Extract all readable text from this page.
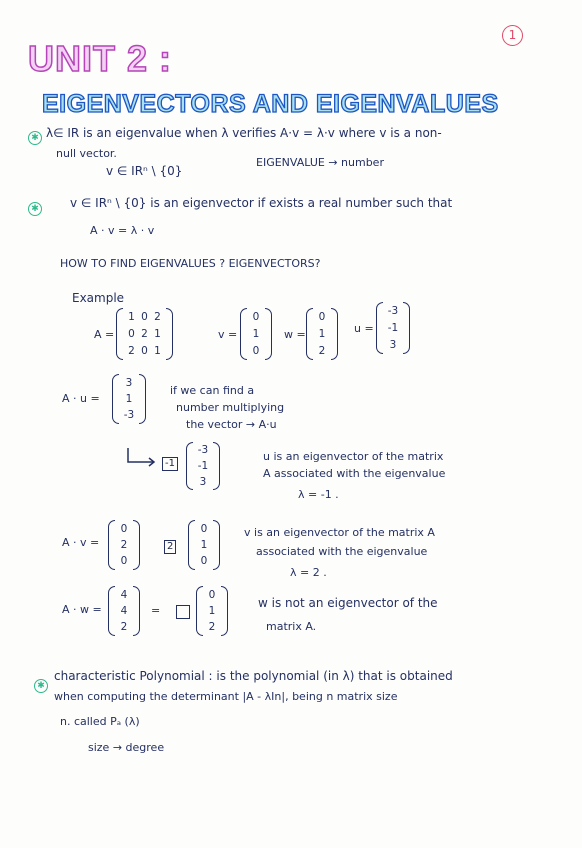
1
UNIT 2 :
EIGENVECTORS AND EIGENVALUES
✱ λ∈ IR is an eigenvalue when λ verifies A·v = λ·v where v is a non-
null vector.
v ∈ IRⁿ \ {0}
EIGENVALUE → number
✱	v ∈ IRⁿ \ {0} is an eigenvector if exists a real number such that
A · v = λ · v
HOW TO FIND EIGENVALUES ? EIGENVECTORS?
Example
A =
1 0 2
0 2 1
2 0 1
v =
0
1
0
w =
0
1
2
u =
-3
-1
3
A · u =
3
1
-3
if we can find a
number multiplying
the vector → A·u
-1
-3
-1
3
u is an eigenvector of the matrix
A associated with the eigenvalue
λ = -1 .
A · v =
0
2
0
2
0
1
0
v is an eigenvector of the matrix A
associated with the eigenvalue
λ = 2 .
A · w =
4
4
2
=
0
1
2
w is not an eigenvector of the
matrix A.
✱
characteristic Polynomial : is the polynomial (in λ) that is obtained
when computing the determinant |A - λIn|, being n matrix size
n. called Pₐ (λ)
size → degree
